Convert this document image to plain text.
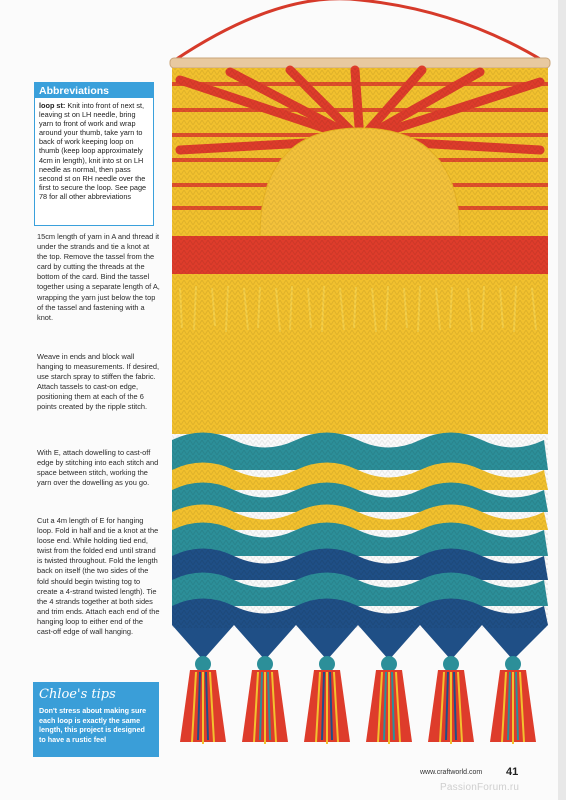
Abbreviations
loop st: Knit into front of next st, leaving st on LH needle, bring yarn to front of work and wrap around your thumb, take yarn to back of work keeping loop on thumb (keep loop approximately 4cm in length), knit into st on LH needle as normal, then pass second st on RH needle over the first to secure the loop. See page 78 for all other abbreviations

15cm length of yarn in A and thread it under the strands and tie a knot at the top. Remove the tassel from the card by cutting the threads at the bottom of the card. Bind the tassel together using a separate length of A, wrapping the yarn just below the top of the tassel and fastening with a knot.

Weave in ends and block wall hanging to measurements. If desired, use starch spray to stiffen the fabric. Attach tassels to cast-on edge, positioning them at each of the 6 points created by the ripple stitch.

With E, attach dowelling to cast-off edge by stitching into each stitch and space between stitch, working the yarn over the dowelling as you go.

Cut a 4m length of E for hanging loop. Fold in half and tie a knot at the loose end. While holding tied end, twist from the folded end until strand is twisted throughout. Fold the length back on itself (the two sides of the fold should begin twisting tog to create a 4-strand twisted length). Tie the 4 strands together at both sides and trim ends. Attach each end of the hanging loop to either end of the cast-off edge of wall hanging.

Chloe's tips
Don't stress about making sure each loop is exactly the same length, this project is designed to have a rustic feel
www.craftworld.com 41
PassionForum.ru
